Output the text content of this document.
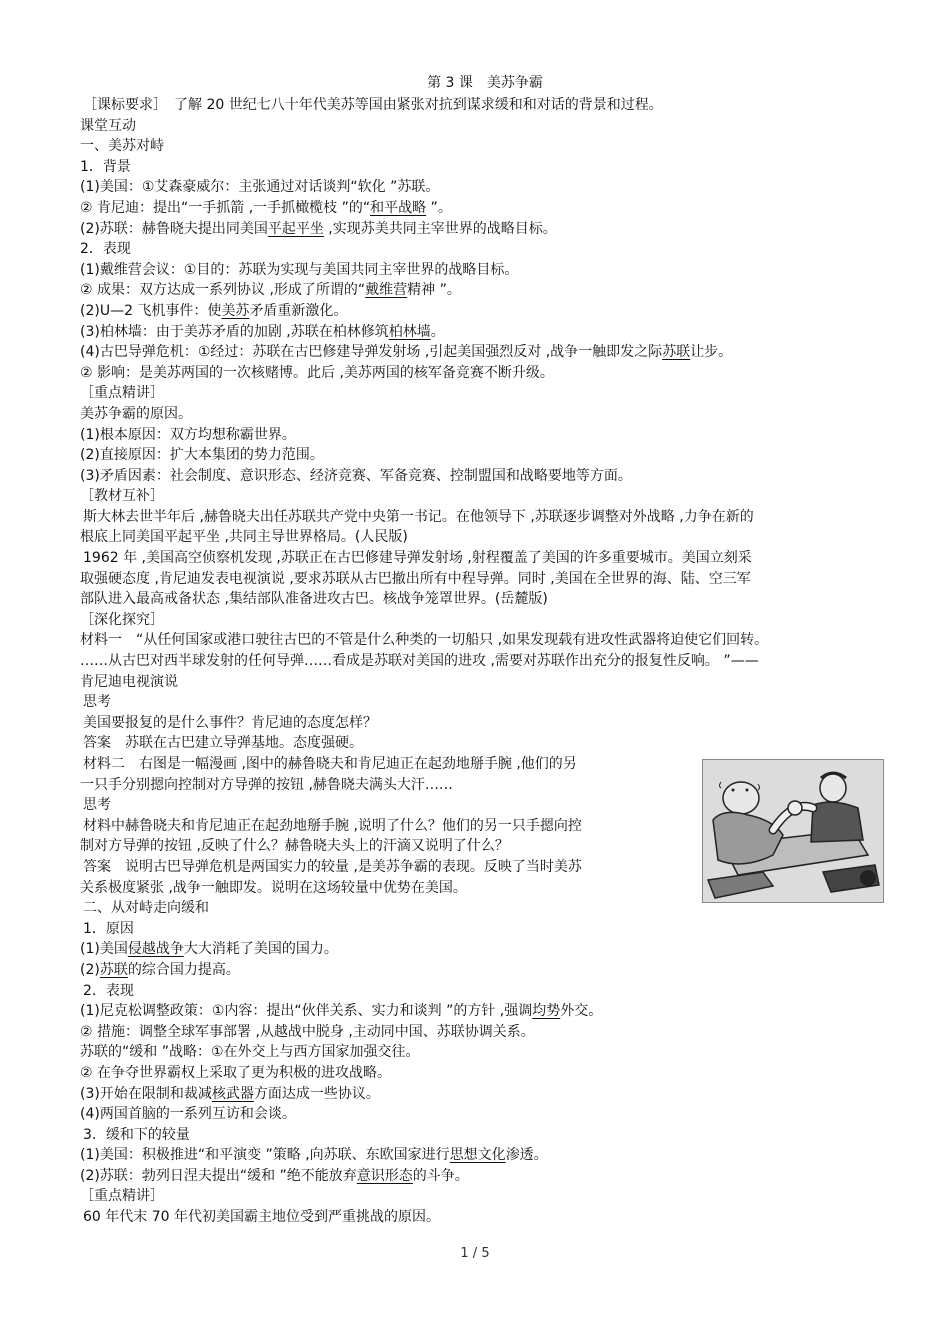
第 3 课　美苏争霸

［课标要求］　了解 20 世纪七八十年代美苏等国由紧张对抗到谋求缓和和对话的背景和过程。

课堂互动

一、美苏对峙

1．背景

(1)美国：①艾森豪威尔：主张通过对话谈判“软化 ”苏联。

② 肯尼迪：提出“一手抓箭 ,一手抓橄榄枝 ”的“和平战略 ”。

(2)苏联：赫鲁晓夫提出同美国平起平坐 ,实现苏美共同主宰世界的战略目标。

2．表现

(1)戴维营会议：①目的：苏联为实现与美国共同主宰世界的战略目标。

② 成果：双方达成一系列协议 ,形成了所谓的“戴维营精神 ”。

(2)U—2 飞机事件：使美苏矛盾重新激化。

(3)柏林墙：由于美苏矛盾的加剧 ,苏联在柏林修筑柏林墙。

(4)古巴导弹危机：①经过：苏联在古巴修建导弹发射场 ,引起美国强烈反对 ,战争一触即发之际苏联让步。

② 影响：是美苏两国的一次核赌博。此后 ,美苏两国的核军备竞赛不断升级。

［重点精讲］

美苏争霸的原因。

(1)根本原因：双方均想称霸世界。

(2)直接原因：扩大本集团的势力范围。

(3)矛盾因素：社会制度、意识形态、经济竞赛、军备竞赛、控制盟国和战略要地等方面。

［教材互补］

斯大林去世半年后 ,赫鲁晓夫出任苏联共产党中央第一书记。在他领导下 ,苏联逐步调整对外战略 ,力争在新的

根底上同美国平起平坐 ,共同主导世界格局。(人民版)

1962 年 ,美国高空侦察机发现 ,苏联正在古巴修建导弹发射场 ,射程覆盖了美国的许多重要城市。美国立刻采

取强硬态度 ,肯尼迪发表电视演说 ,要求苏联从古巴撤出所有中程导弹。同时 ,美国在全世界的海、陆、空三军

部队进入最高戒备状态 ,集结部队准备进攻古巴。核战争笼罩世界。(岳麓版)

［深化探究］

材料一　“从任何国家或港口驶往古巴的不管是什么种类的一切船只 ,如果发现载有进攻性武器将迫使它们回转。

……从古巴对西半球发射的任何导弹……看成是苏联对美国的进攻 ,需要对苏联作出充分的报复性反响。 ”——

肯尼迪电视演说

思考

美国要报复的是什么事件？肯尼迪的态度怎样？

答案　苏联在古巴建立导弹基地。态度强硬。

材料二　右图是一幅漫画 ,图中的赫鲁晓夫和肯尼迪正在起劲地掰手腕 ,他们的另

一只手分别摁向控制对方导弹的按钮 ,赫鲁晓夫满头大汗……

思考

材料中赫鲁晓夫和肯尼迪正在起劲地掰手腕 ,说明了什么？他们的另一只手摁向控

制对方导弹的按钮 ,反映了什么？赫鲁晓夫头上的汗滴又说明了什么？

答案　说明古巴导弹危机是两国实力的较量 ,是美苏争霸的表现。反映了当时美苏

关系极度紧张 ,战争一触即发。说明在这场较量中优势在美国。

二、从对峙走向缓和

1．原因

(1)美国侵越战争大大消耗了美国的国力。

(2)苏联的综合国力提高。

2．表现

(1)尼克松调整政策：①内容：提出“伙伴关系、实力和谈判 ”的方针 ,强调均势外交。

② 措施：调整全球军事部署 ,从越战中脱身 ,主动同中国、苏联协调关系。

苏联的“缓和 ”战略：①在外交上与西方国家加强交往。

② 在争夺世界霸权上采取了更为积极的进攻战略。

(3)开始在限制和裁减核武器方面达成一些协议。

(4)两国首脑的一系列互访和会谈。

3．缓和下的较量

(1)美国：积极推进“和平演变 ”策略 ,向苏联、东欧国家进行思想文化渗透。

(2)苏联：勃列日涅夫提出“缓和 ”绝不能放弃意识形态的斗争。

［重点精讲］

60 年代末 70 年代初美国霸主地位受到严重挑战的原因。

1 / 5
